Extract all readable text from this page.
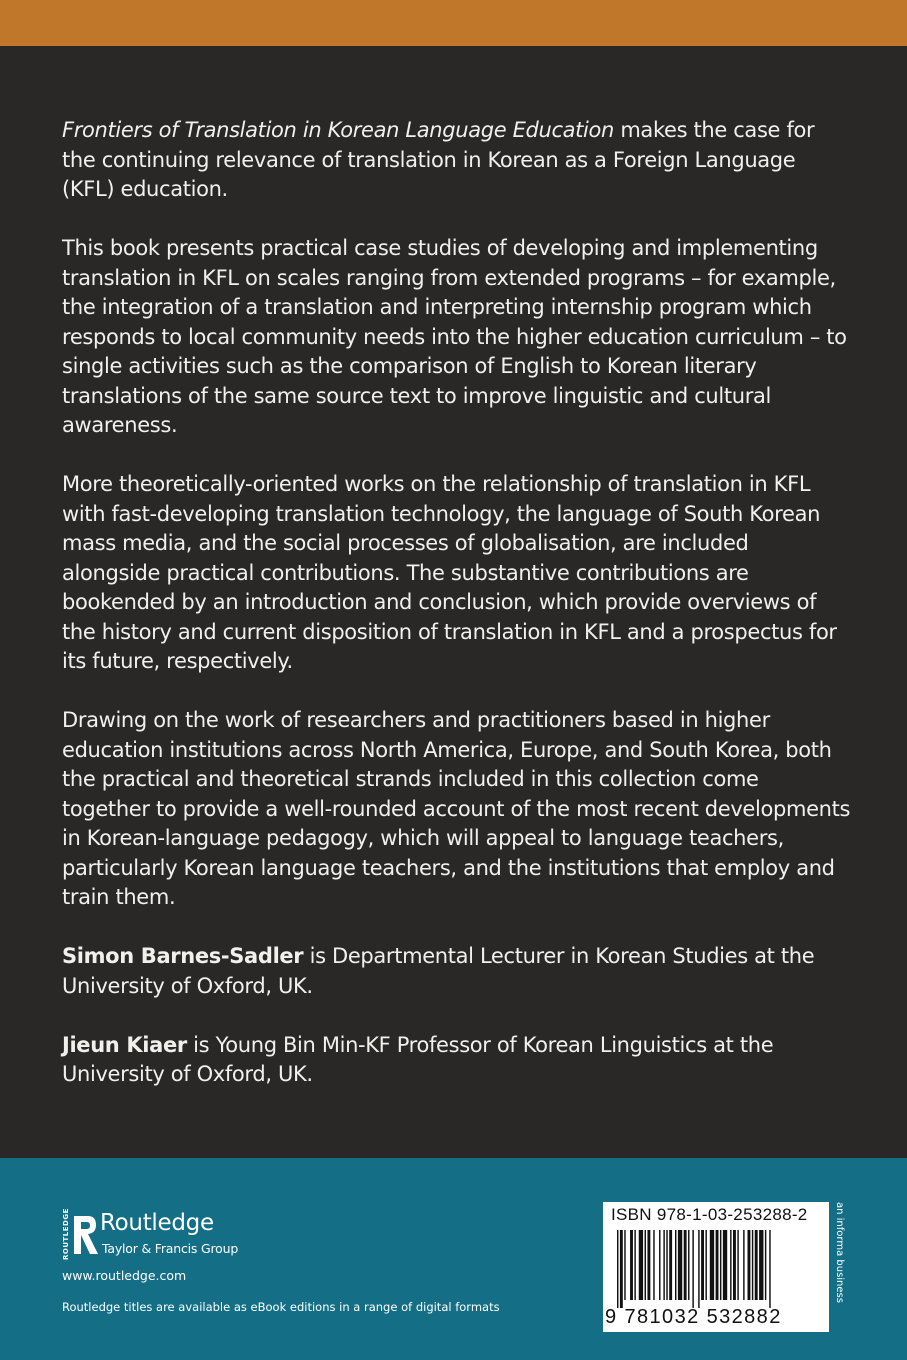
Frontiers of Translation in Korean Language Education makes the case for the continuing relevance of translation in Korean as a Foreign Language (KFL) education.

This book presents practical case studies of developing and implementing translation in KFL on scales ranging from extended programs – for example, the integration of a translation and interpreting internship program which responds to local community needs into the higher education curriculum – to single activities such as the comparison of English to Korean literary translations of the same source text to improve linguistic and cultural awareness.

More theoretically-oriented works on the relationship of translation in KFL with fast-developing translation technology, the language of South Korean mass media, and the social processes of globalisation, are included alongside practical contributions. The substantive contributions are bookended by an introduction and conclusion, which provide overviews of the history and current disposition of translation in KFL and a prospectus for its future, respectively.

Drawing on the work of researchers and practitioners based in higher education institutions across North America, Europe, and South Korea, both the practical and theoretical strands included in this collection come together to provide a well-rounded account of the most recent developments in Korean-language pedagogy, which will appeal to language teachers, particularly Korean language teachers, and the institutions that employ and train them.

Simon Barnes-Sadler is Departmental Lecturer in Korean Studies at the University of Oxford, UK.

Jieun Kiaer is Young Bin Min-KF Professor of Korean Linguistics at the University of Oxford, UK.

ROUTLEDGE Routledge
Taylor & Francis Group
www.routledge.com
Routledge titles are available as eBook editions in a range of digital formats
ISBN 978-1-03-253288-2
9 781032 532882
an informa business
